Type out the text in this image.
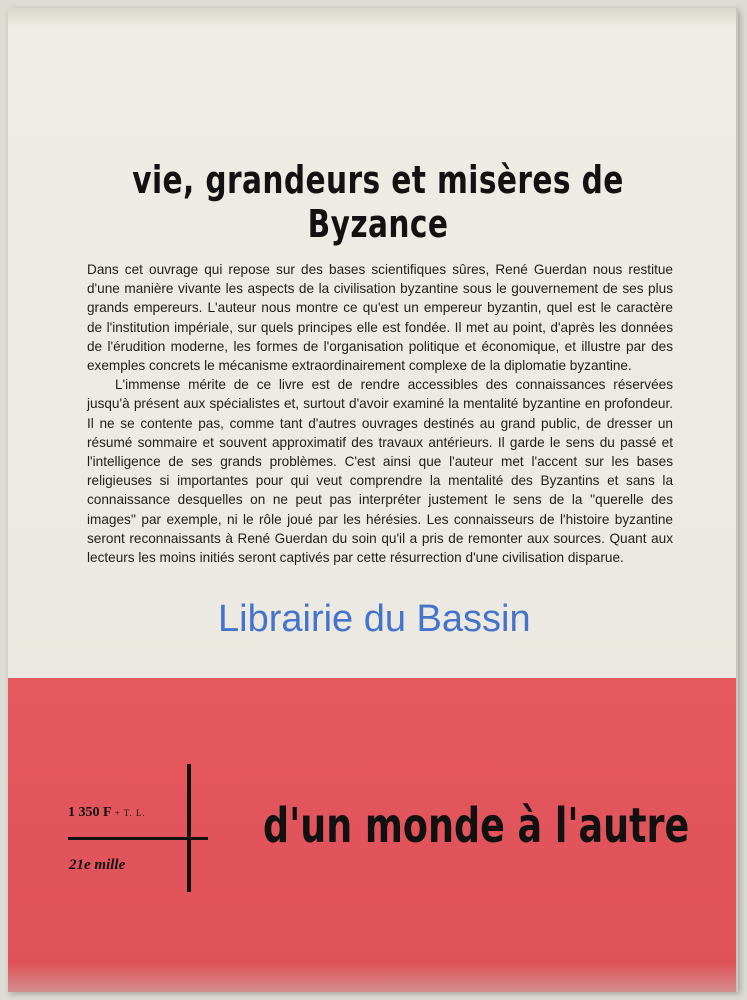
vie, grandeurs et misères de Byzance

Dans cet ouvrage qui repose sur des bases scientifiques sûres, René Guerdan nous restitue d'une manière vivante les aspects de la civilisation byzantine sous le gouvernement de ses plus grands empereurs. L'auteur nous montre ce qu'est un empereur byzantin, quel est le caractère de l'institution impériale, sur quels principes elle est fondée. Il met au point, d'après les données de l'érudition moderne, les formes de l'organisation politique et économique, et illustre par des exemples concrets le mécanisme extraordinairement complexe de la diplomatie byzantine.

L'immense mérite de ce livre est de rendre accessibles des connaissances réservées jusqu'à présent aux spécialistes et, surtout d'avoir examiné la mentalité byzantine en profondeur. Il ne se contente pas, comme tant d'autres ouvrages destinés au grand public, de dresser un résumé sommaire et souvent approximatif des travaux antérieurs. Il garde le sens du passé et l'intelligence de ses grands problèmes. C'est ainsi que l'auteur met l'accent sur les bases religieuses si importantes pour qui veut comprendre la mentalité des Byzantins et sans la connaissance desquelles on ne peut pas interpréter justement le sens de la ''querelle des images'' par exemple, ni le rôle joué par les hérésies. Les connaisseurs de l'histoire byzantine seront reconnaissants à René Guerdan du soin qu'il a pris de remonter aux sources. Quant aux lecteurs les moins initiés seront captivés par cette résurrection d'une civilisation disparue.

1 350 F + T. L.
21e mille
d'un monde à l'autre
Librairie du Bassin
